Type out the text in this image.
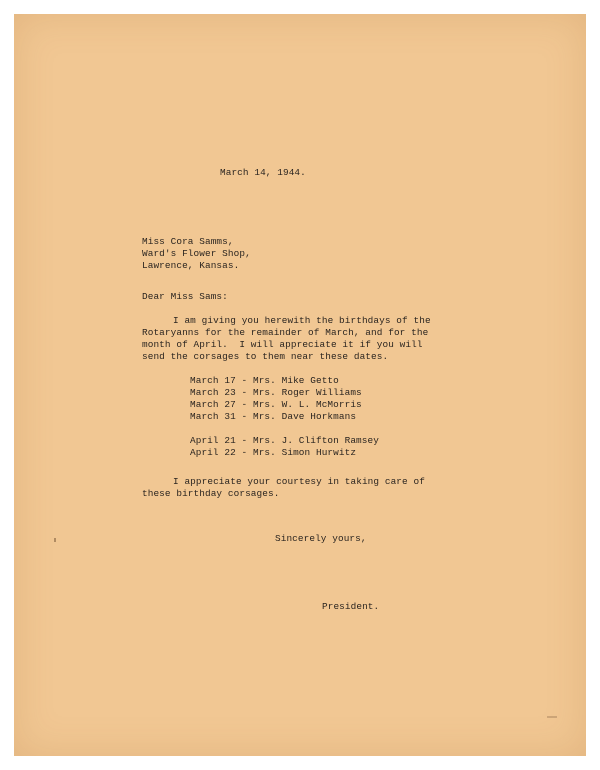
March 14, 1944.
Miss Cora Samms,
Ward's Flower Shop,
Lawrence, Kansas.
Dear Miss Sams:
I am giving you herewith the birthdays of the
Rotaryanns for the remainder of March, and for the
month of April.  I will appreciate it if you will
send the corsages to them near these dates.
March 17 - Mrs. Mike Getto
March 23 - Mrs. Roger Williams
March 27 - Mrs. W. L. McMorris
March 31 - Mrs. Dave Horkmans
April 21 - Mrs. J. Clifton Ramsey
April 22 - Mrs. Simon Hurwitz
I appreciate your courtesy in taking care of
these birthday corsages.
Sincerely yours,
President.
